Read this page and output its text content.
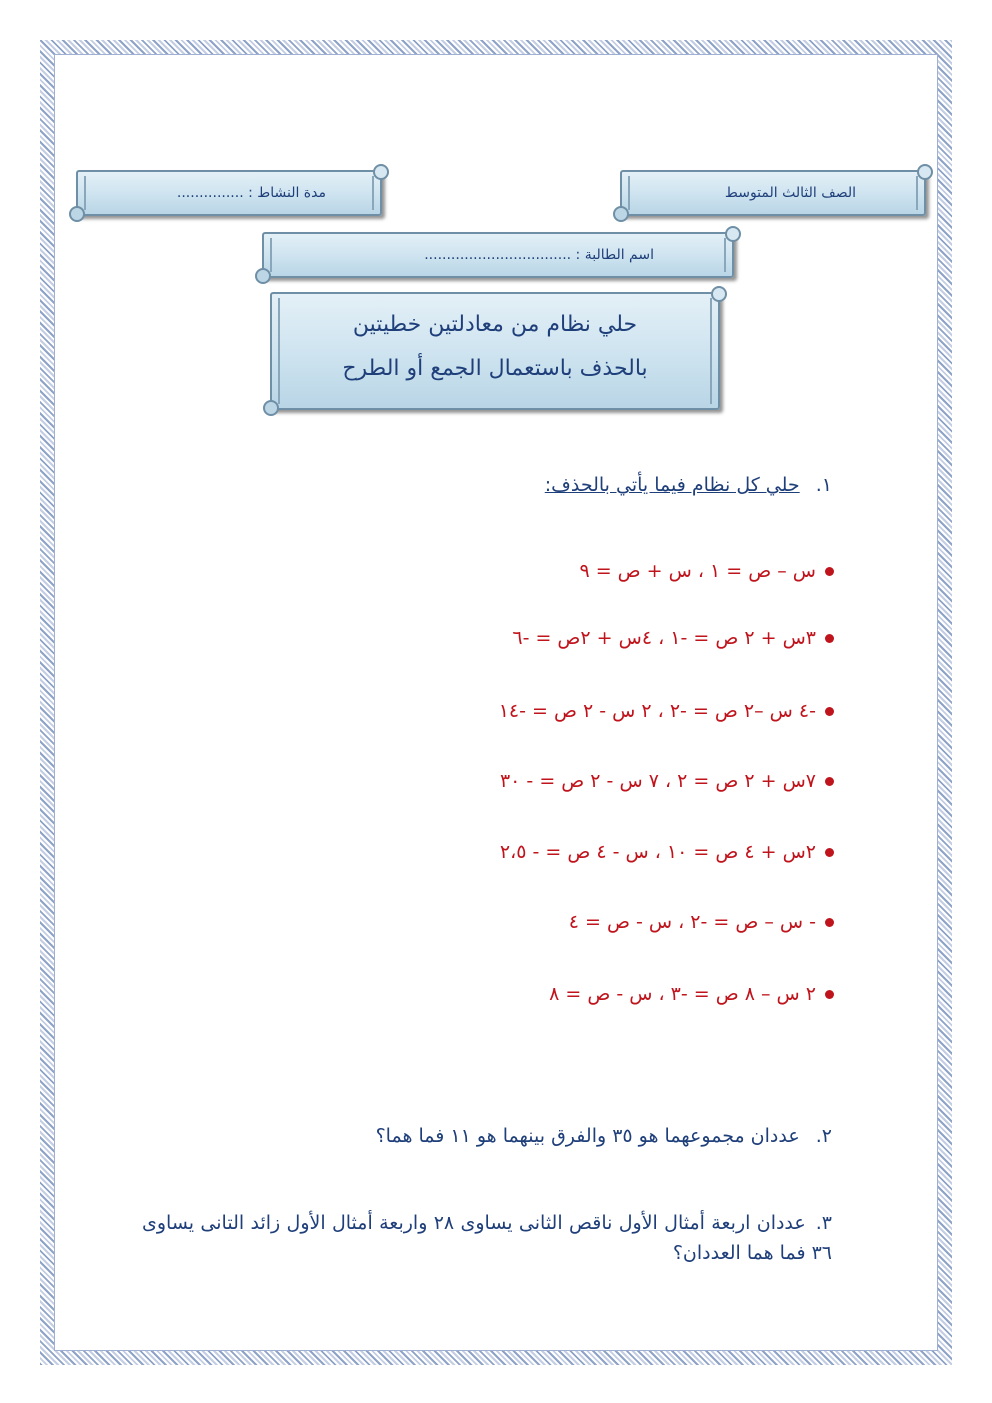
الصف الثالث المتوسط
مدة النشاط : ...............
اسم الطالبة : .................................
حلي نظام من معادلتين خطيتين
بالحذف باستعمال الجمع أو الطرح
١. حلي كل نظام فيما يأتي بالحذف:
س – ص = ١ ، س + ص = ٩
٣س + ٢ ص = -١ ، ٤س + ٢ص = -٦
-٤ س –٢ ص = -٢ ، ٢ س - ٢ ص = -١٤
٧س + ٢ ص = ٢ ، ٧ س - ٢ ص = - ٣٠
٢س + ٤ ص = ١٠ ، س - ٤ ص = - ٢،٥
- س – ص = -٢ ، س - ص = ٤
٢ س – ٨ ص = -٣ ، س - ص = ٨
٢. عددان مجموعهما هو ٣٥ والفرق بينهما هو ١١ فما هما؟
٣.عددان اربعة أمثال الأول ناقص الثانى يساوى ٢٨ واربعة أمثال الأول زائد التانى يساوى ٣٦ فما هما العددان؟
